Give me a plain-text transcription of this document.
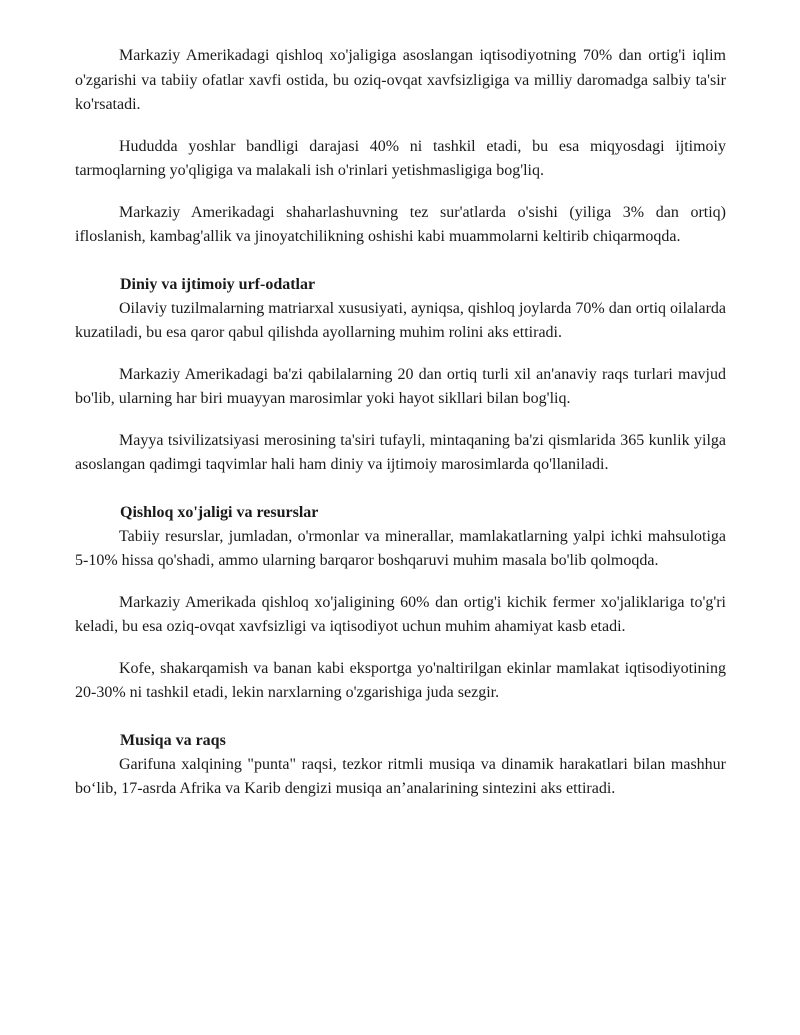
Markaziy Amerikadagi qishloq xo'jaligiga asoslangan iqtisodiyotning 70% dan ortig'i iqlim o'zgarishi va tabiiy ofatlar xavfi ostida, bu oziq-ovqat xavfsizligiga va milliy daromadga salbiy ta'sir ko'rsatadi.

Hududda yoshlar bandligi darajasi 40% ni tashkil etadi, bu esa miqyosdagi ijtimoiy tarmoqlarning yo'qligiga va malakali ish o'rinlari yetishmasligiga bog'liq.

Markaziy Amerikadagi shaharlashuvning tez sur'atlarda o'sishi (yiliga 3% dan ortiq) ifloslanish, kambag'allik va jinoyatchilikning oshishi kabi muammolarni keltirib chiqarmoqda.

Diniy va ijtimoiy urf-odatlar

Oilaviy tuzilmalarning matriarxal xususiyati, ayniqsa, qishloq joylarda 70% dan ortiq oilalarda kuzatiladi, bu esa qaror qabul qilishda ayollarning muhim rolini aks ettiradi.

Markaziy Amerikadagi ba'zi qabilalarning 20 dan ortiq turli xil an'anaviy raqs turlari mavjud bo'lib, ularning har biri muayyan marosimlar yoki hayot sikllari bilan bog'liq.

Mayya tsivilizatsiyasi merosining ta'siri tufayli, mintaqaning ba'zi qismlarida 365 kunlik yilga asoslangan qadimgi taqvimlar hali ham diniy va ijtimoiy marosimlarda qo'llaniladi.

Qishloq xo'jaligi va resurslar

Tabiiy resurslar, jumladan, o'rmonlar va minerallar, mamlakatlarning yalpi ichki mahsulotiga 5-10% hissa qo'shadi, ammo ularning barqaror boshqaruvi muhim masala bo'lib qolmoqda.

Markaziy Amerikada qishloq xo'jaligining 60% dan ortig'i kichik fermer xo'jaliklariga to'g'ri keladi, bu esa oziq-ovqat xavfsizligi va iqtisodiyot uchun muhim ahamiyat kasb etadi.

Kofe, shakarqamish va banan kabi eksportga yo'naltirilgan ekinlar mamlakat iqtisodiyotining 20-30% ni tashkil etadi, lekin narxlarning o'zgarishiga juda sezgir.

Musiqa va raqs

Garifuna xalqining "punta" raqsi, tezkor ritmli musiqa va dinamik harakatlari bilan mashhur bo‘lib, 17-asrda Afrika va Karib dengizi musiqa an’analarining sintezini aks ettiradi.
